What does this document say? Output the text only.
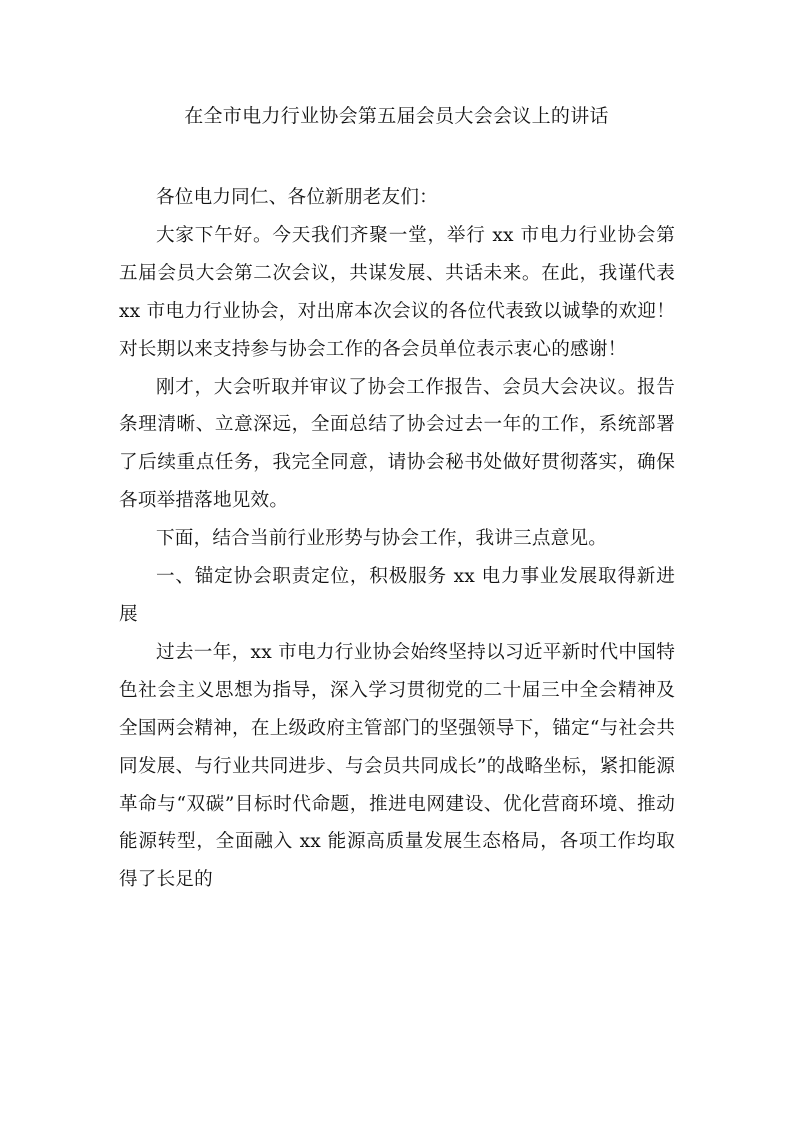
在全市电力行业协会第五届会员大会会议上的讲话

各位电力同仁、各位新朋老友们：

大家下午好。今天我们齐聚一堂，举行 xx 市电力行业协会第五届会员大会第二次会议，共谋发展、共话未来。在此，我谨代表 xx 市电力行业协会，对出席本次会议的各位代表致以诚挚的欢迎！对长期以来支持参与协会工作的各会员单位表示衷心的感谢！

刚才，大会听取并审议了协会工作报告、会员大会决议。报告条理清晰、立意深远，全面总结了协会过去一年的工作，系统部署了后续重点任务，我完全同意，请协会秘书处做好贯彻落实，确保各项举措落地见效。

下面，结合当前行业形势与协会工作，我讲三点意见。

一、锚定协会职责定位，积极服务 xx 电力事业发展取得新进展

过去一年，xx 市电力行业协会始终坚持以习近平新时代中国特色社会主义思想为指导，深入学习贯彻党的二十届三中全会精神及全国两会精神，在上级政府主管部门的坚强领导下，锚定“与社会共同发展、与行业共同进步、与会员共同成长”的战略坐标，紧扣能源革命与“双碳”目标时代命题，推进电网建设、优化营商环境、推动能源转型，全面融入 xx 能源高质量发展生态格局，各项工作均取得了长足的
